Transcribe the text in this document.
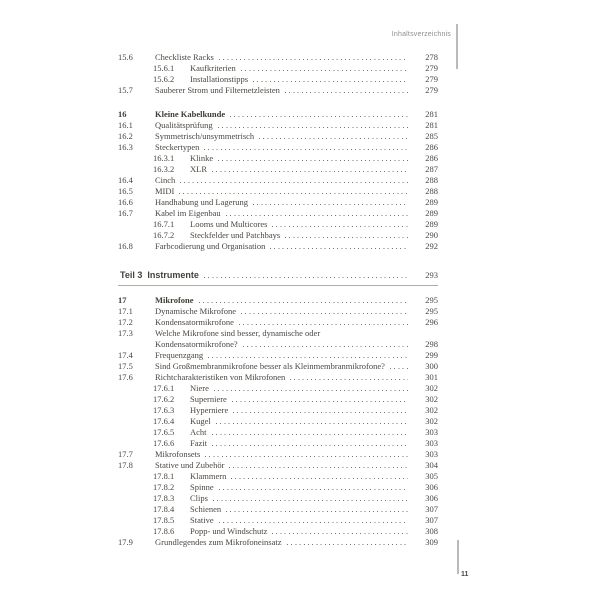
Inhaltsverzeichnis
15.6	Checkliste Racks	278
15.6.1	Kaufkriterien	279
15.6.2	Installationstipps	279
15.7	Sauberer Strom und Filternetzleisten	279
16	Kleine Kabelkunde	281
16.1	Qualitätsprüfung	281
16.2	Symmetrisch/unsymmetrisch	285
16.3	Steckertypen	286
16.3.1	Klinke	286
16.3.2	XLR	287
16.4	Cinch	288
16.5	MIDI	288
16.6	Handhabung und Lagerung	289
16.7	Kabel im Eigenbau	289
16.7.1	Looms und Multicores	289
16.7.2	Steckfelder und Patchbays	290
16.8	Farbcodierung und Organisation	292
Teil 3 Instrumente	293
17	Mikrofone	295
17.1	Dynamische Mikrofone	295
17.2	Kondensatormikrofone	296
17.3	Welche Mikrofone sind besser, dynamische oder
Kondensatormikrofone?	298
17.4	Frequenzgang	299
17.5	Sind Großmembranmikrofone besser als Kleinmembranmikrofone?	300
17.6	Richtcharakteristiken von Mikrofonen	301
17.6.1	Niere	302
17.6.2	Superniere	302
17.6.3	Hyperniere	302
17.6.4	Kugel	302
17.6.5	Acht	303
17.6.6	Fazit	303
17.7	Mikrofonsets	303
17.8	Stative und Zubehör	304
17.8.1	Klammern	305
17.8.2	Spinne	306
17.8.3	Clips	306
17.8.4	Schienen	307
17.8.5	Stative	307
17.8.6	Popp- und Windschutz	308
17.9	Grundlegendes zum Mikrofoneinsatz	309
11
